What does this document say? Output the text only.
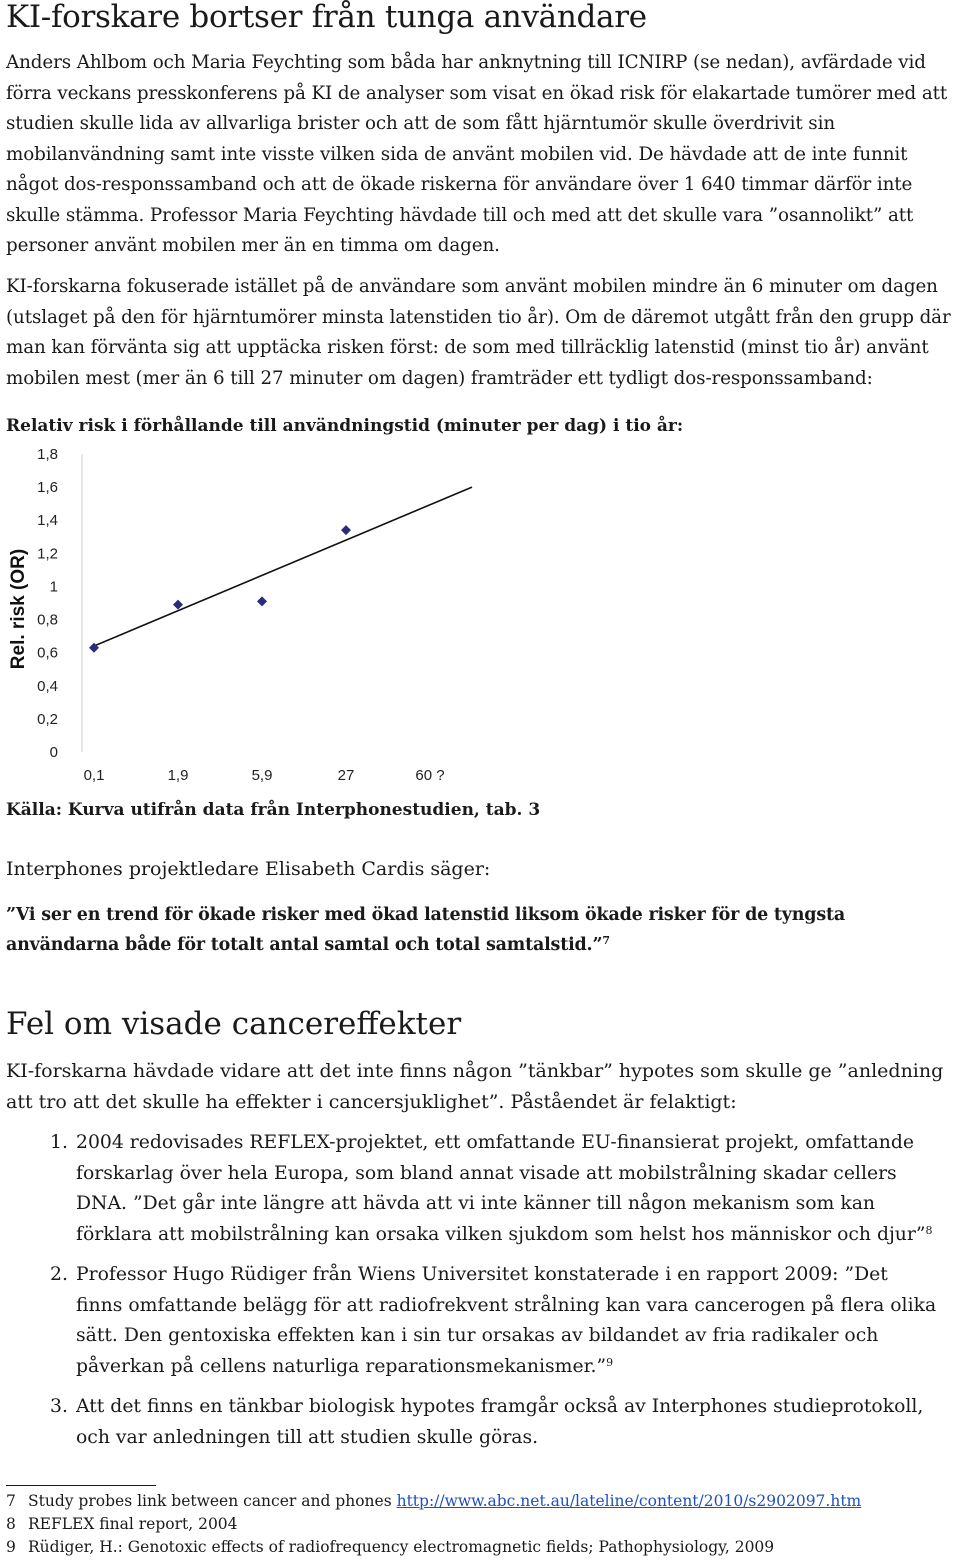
KI-forskare bortser från tunga användare

Anders Ahlbom och Maria Feychting som båda har anknytning till ICNIRP (se nedan), avfärdade vid förra veckans presskonferens på KI de analyser som visat en ökad risk för elakartade tumörer med att studien skulle lida av allvarliga brister och att de som fått hjärntumör skulle överdrivit sin mobilanvändning samt inte visste vilken sida de använt mobilen vid. De hävdade att de inte funnit något dos-responssamband och att de ökade riskerna för användare över 1 640 timmar därför inte skulle stämma. Professor Maria Feychting hävdade till och med att det skulle vara ”osannolikt” att personer använt mobilen mer än en timma om dagen.

KI-forskarna fokuserade istället på de användare som använt mobilen mindre än 6 minuter om dagen (utslaget på den för hjärntumörer minsta latenstiden tio år). Om de däremot utgått från den grupp där man kan förvänta sig att upptäcka risken först: de som med tillräcklig latenstid (minst tio år) använt mobilen mest (mer än 6 till 27 minuter om dagen) framträder ett tydligt dos-responssamband:

Relativ risk i förhållande till användningstid (minuter per dag) i tio år:

0
0,2
0,4
0,6
0,8
1
1,2
1,4
1,6
1,8
0,1	1,9	5,9	27	60 ?
Rel. risk (OR)

Källa: Kurva utifrån data från Interphonestudien, tab. 3

Interphones projektledare Elisabeth Cardis säger:

”Vi ser en trend för ökade risker med ökad latenstid liksom ökade risker för de tyngsta användarna både för totalt antal samtal och total samtalstid.”$^7$

Fel om visade cancereffekter

KI-forskarna hävdade vidare att det inte finns någon ”tänkbar” hypotes som skulle ge ”anledning att tro att det skulle ha effekter i cancersjuklighet”. Påståendet är felaktigt:

1. 2004 redovisades REFLEX-projektet, ett omfattande EU-finansierat projekt, omfattande forskarlag över hela Europa, som bland annat visade att mobilstrålning skadar cellers DNA. ”Det går inte längre att hävda att vi inte känner till någon mekanism som kan förklara att mobilstrålning kan orsaka vilken sjukdom som helst hos människor och djur”$^8$
2. Professor Hugo Rüdiger från Wiens Universitet konstaterade i en rapport 2009: ”Det finns omfattande belägg för att radiofrekvent strålning kan vara cancerogen på flera olika sätt. Den gentoxiska effekten kan i sin tur orsakas av bildandet av fria radikaler och påverkan på cellens naturliga reparationsmekanismer.”$^9$
3. Att det finns en tänkbar biologisk hypotes framgår också av Interphones studieprotokoll, och var anledningen till att studien skulle göras.
7 Study probes link between cancer and phones http://www.abc.net.au/lateline/content/2010/s2902097.htm
8 REFLEX final report, 2004
9 Rüdiger, H.: Genotoxic effects of radiofrequency electromagnetic fields; Pathophysiology, 2009
